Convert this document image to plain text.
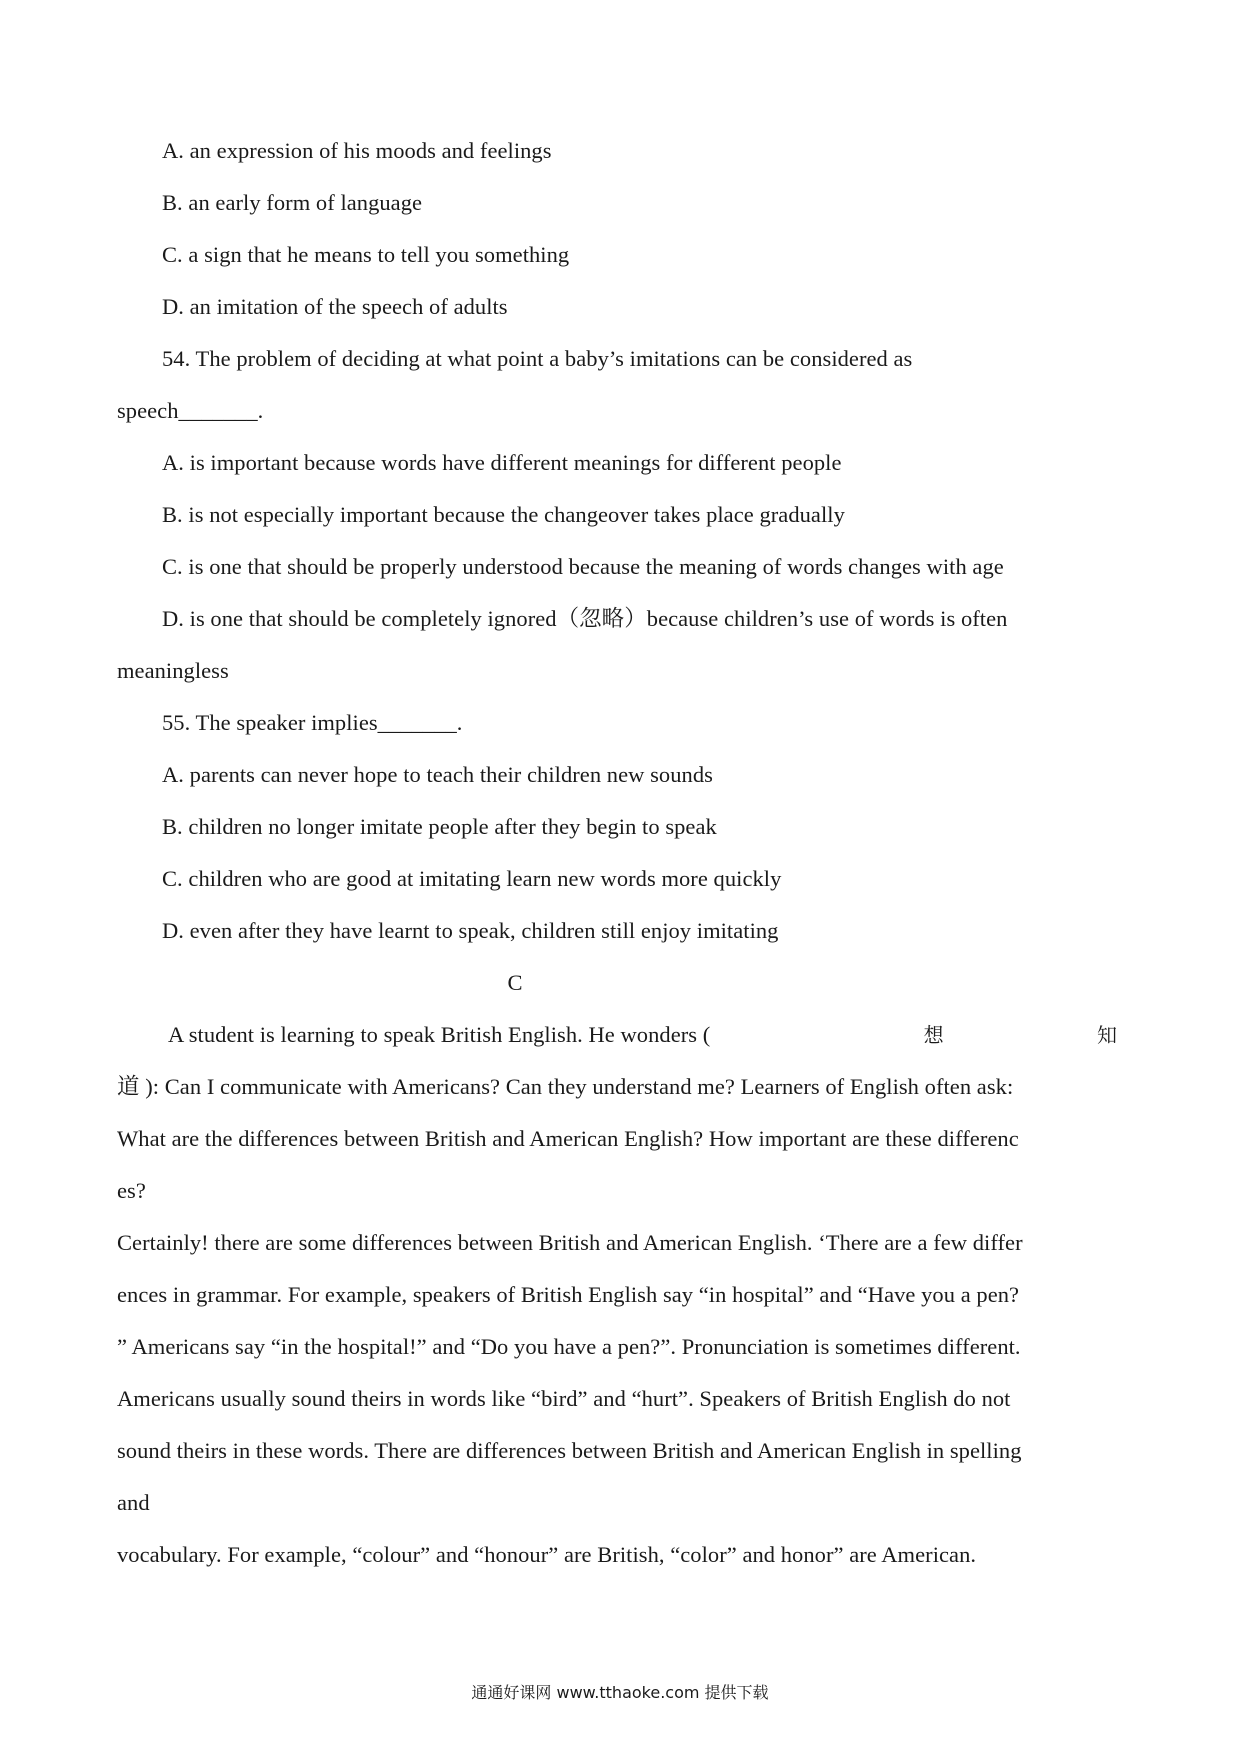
A. an expression of his moods and feelings
B. an early form of language
C. a sign that he means to tell you something
D. an imitation of the speech of adults
54. The problem of deciding at what point a baby’s imitations can be considered as
speech_______.
A. is important because words have different meanings for different people
B. is not especially important because the changeover takes place gradually
C. is one that should be properly understood because the meaning of words changes with age
D. is one that should be completely ignored（忽略）because children’s use of words is often
meaningless
55. The speaker implies_______.
A. parents can never hope to teach their children new sounds
B. children no longer imitate people after they begin to speak
C. children who are good at imitating learn new words more quickly
D. even after they have learnt to speak, children still enjoy imitating
C
A student is learning to speak British English. He wonders (	想	知
道 ): Can I communicate with Americans? Can they understand me? Learners of English often ask:
What are the differences between British and American English? How important are these differenc
es?
Certainly! there are some differences between British and American English. ‘There are a few differ
ences in grammar. For example, speakers of British English say “in hospital” and “Have you a pen?
” Americans say “in the hospital!” and “Do you have a pen?”. Pronunciation is sometimes different.
Americans usually sound theirs in words like “bird” and “hurt”. Speakers of British English do not
sound theirs in these words. There are differences between British and American English in spelling
and
vocabulary. For example, “colour” and “honour” are British, “color” and honor” are American.
通通好课网 www.tthaoke.com 提供下载
